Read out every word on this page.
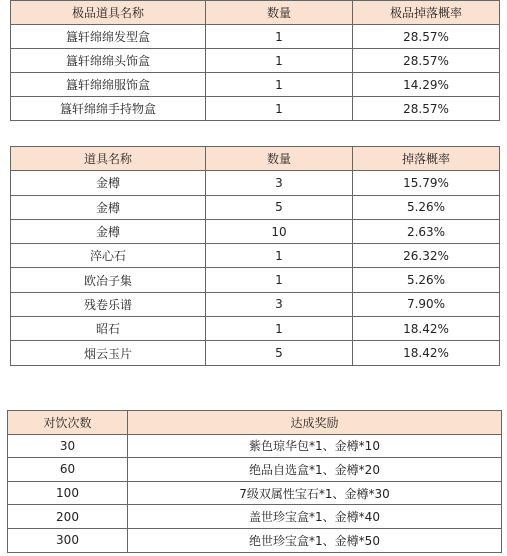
极品道具名称	数量	极品掉落概率
簋轩绵绵发型盒	1	28.57%
簋轩绵绵头饰盒	1	28.57%
簋轩绵绵服饰盒	1	14.29%
簋轩绵绵手持物盒	1	28.57%
道具名称	数量	掉落概率
金樽	3	15.79%
金樽	5	5.26%
金樽	10	2.63%
淬心石	1	26.32%
欧冶子集	1	5.26%
残卷乐谱	3	7.90%
昭石	1	18.42%
烟云玉片	5	18.42%
对饮次数	达成奖励
30	紫色琼华包*1、金樽*10
60	绝品自选盒*1、金樽*20
100	7级双属性宝石*1、金樽*30
200	盖世珍宝盒*1、金樽*40
300	绝世珍宝盒*1、金樽*50
